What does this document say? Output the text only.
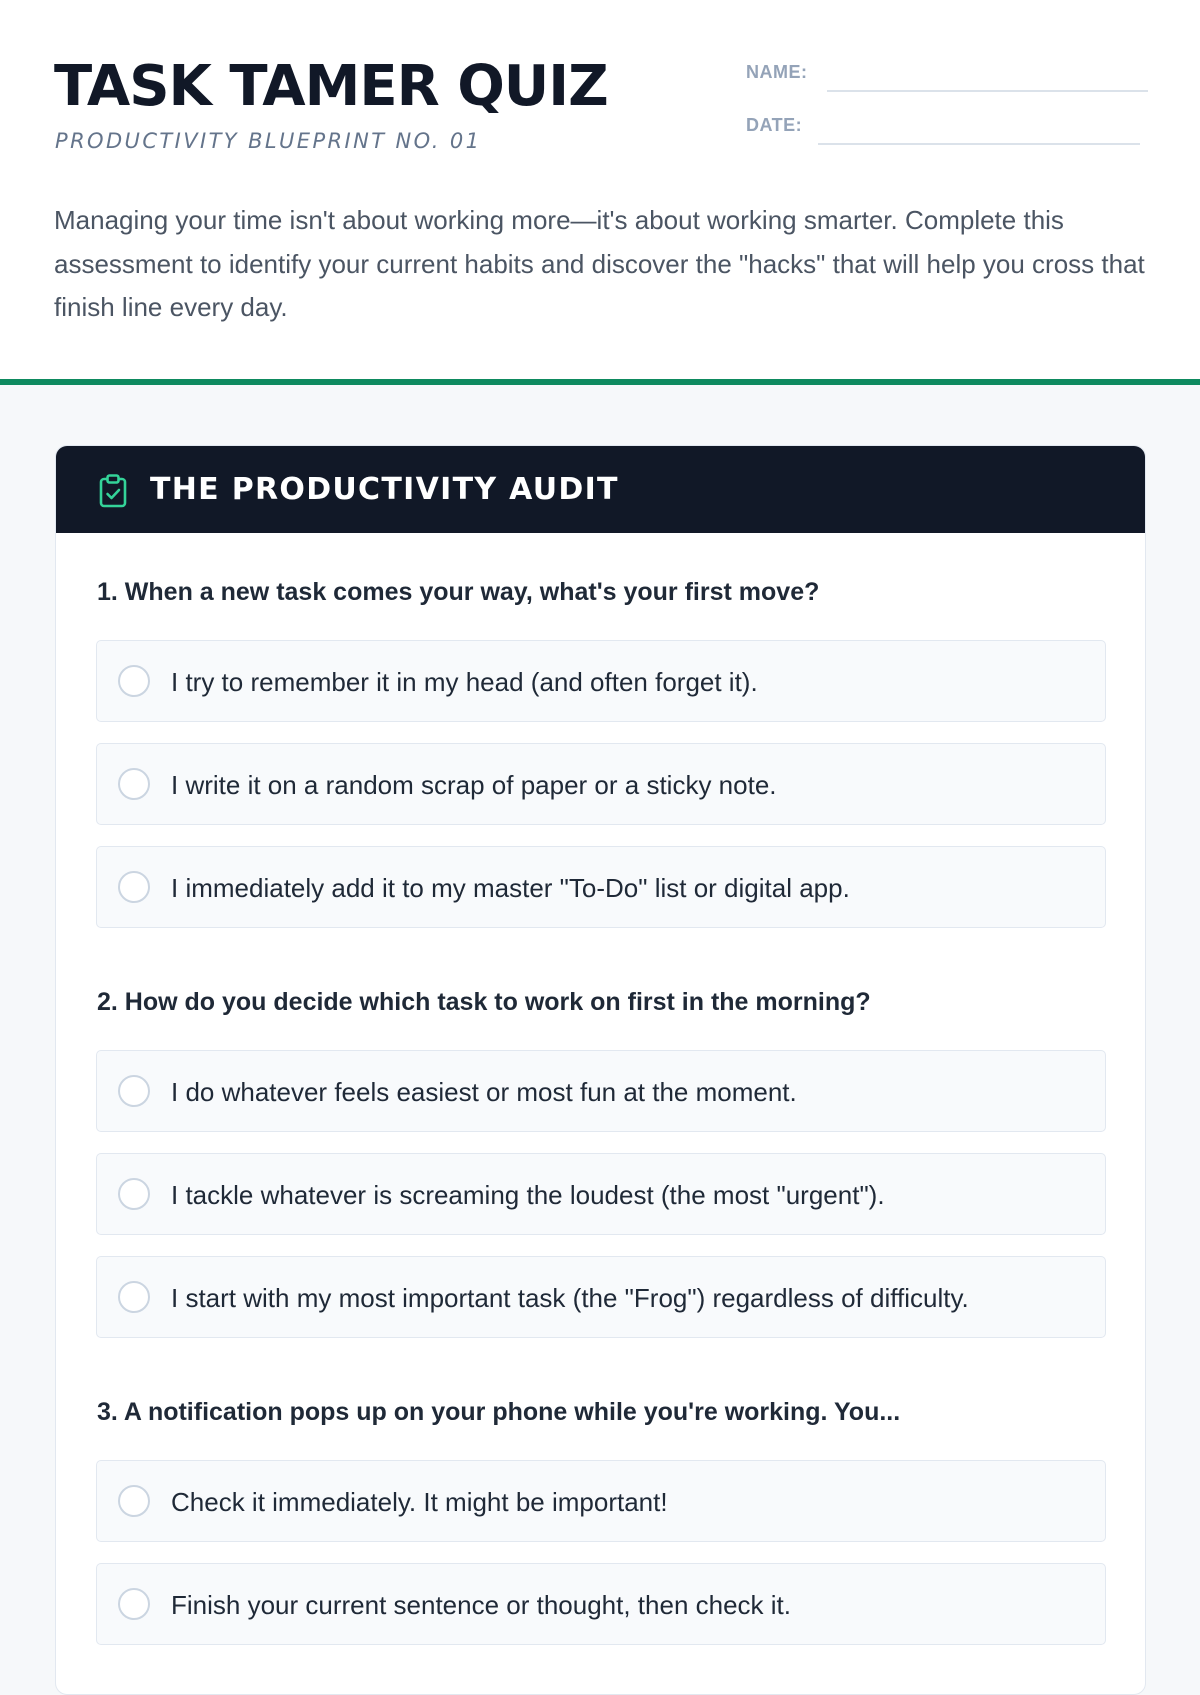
TASK TAMER QUIZ
PRODUCTIVITY BLUEPRINT NO. 01
NAME:
DATE:

Managing your time isn't about working more—it's about working smarter. Complete this assessment to identify your current habits and discover the "hacks" that will help you cross that finish line every day.

THE PRODUCTIVITY AUDIT

1. When a new task comes your way, what's your first move?

I try to remember it in my head (and often forget it).
I write it on a random scrap of paper or a sticky note.
I immediately add it to my master "To-Do" list or digital app.

2. How do you decide which task to work on first in the morning?

I do whatever feels easiest or most fun at the moment.
I tackle whatever is screaming the loudest (the most "urgent").
I start with my most important task (the "Frog") regardless of difficulty.

3. A notification pops up on your phone while you're working. You...

Check it immediately. It might be important!
Finish your current sentence or thought, then check it.
